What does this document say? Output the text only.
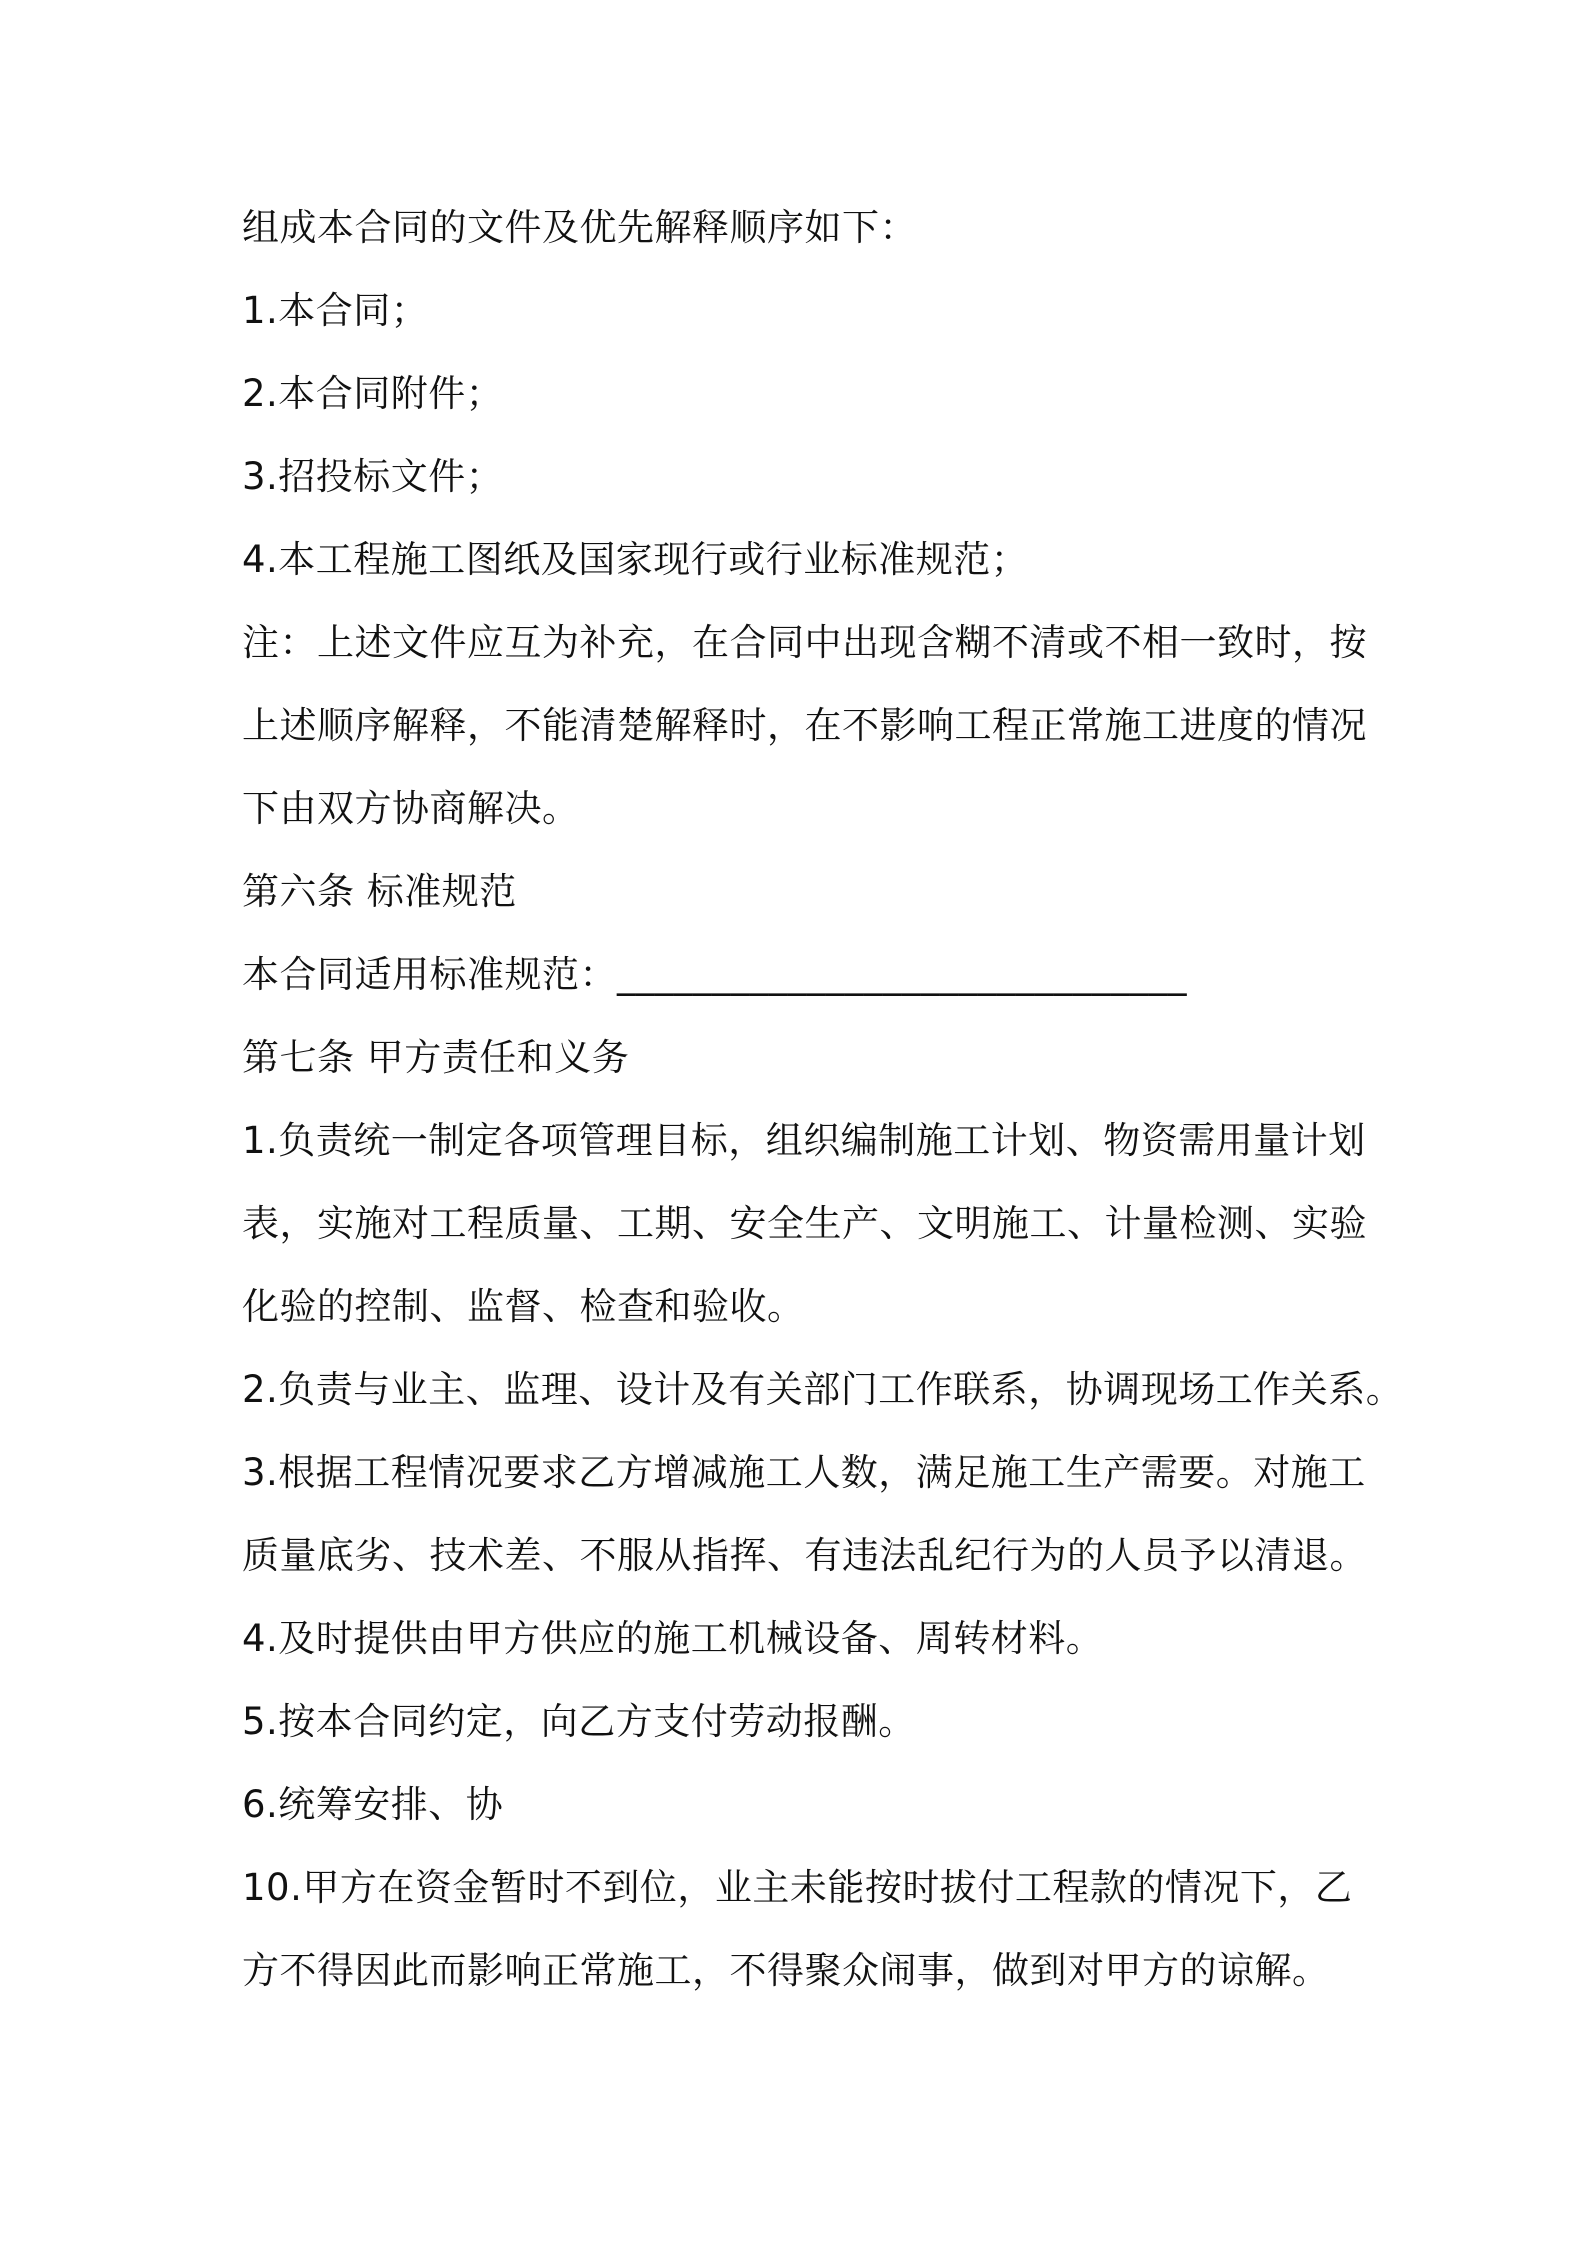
组成本合同的文件及优先解释顺序如下：
1.本合同；
2.本合同附件；
3.招投标文件；
4.本工程施工图纸及国家现行或行业标准规范；
注：上述文件应互为补充，在合同中出现含糊不清或不相一致时，按
上述顺序解释，不能清楚解释时，在不影响工程正常施工进度的情况
下由双方协商解决。
第六条 标准规范
本合同适用标准规范：______________________________
第七条 甲方责任和义务
1.负责统一制定各项管理目标，组织编制施工计划、物资需用量计划
表，实施对工程质量、工期、安全生产、文明施工、计量检测、实验
化验的控制、监督、检查和验收。
2.负责与业主、监理、设计及有关部门工作联系，协调现场工作关系。
3.根据工程情况要求乙方增减施工人数，满足施工生产需要。对施工
质量底劣、技术差、不服从指挥、有违法乱纪行为的人员予以清退。
4.及时提供由甲方供应的施工机械设备、周转材料。
5.按本合同约定，向乙方支付劳动报酬。
6.统筹安排、协
10.甲方在资金暂时不到位，业主未能按时拔付工程款的情况下，乙
方不得因此而影响正常施工，不得聚众闹事，做到对甲方的谅解。
